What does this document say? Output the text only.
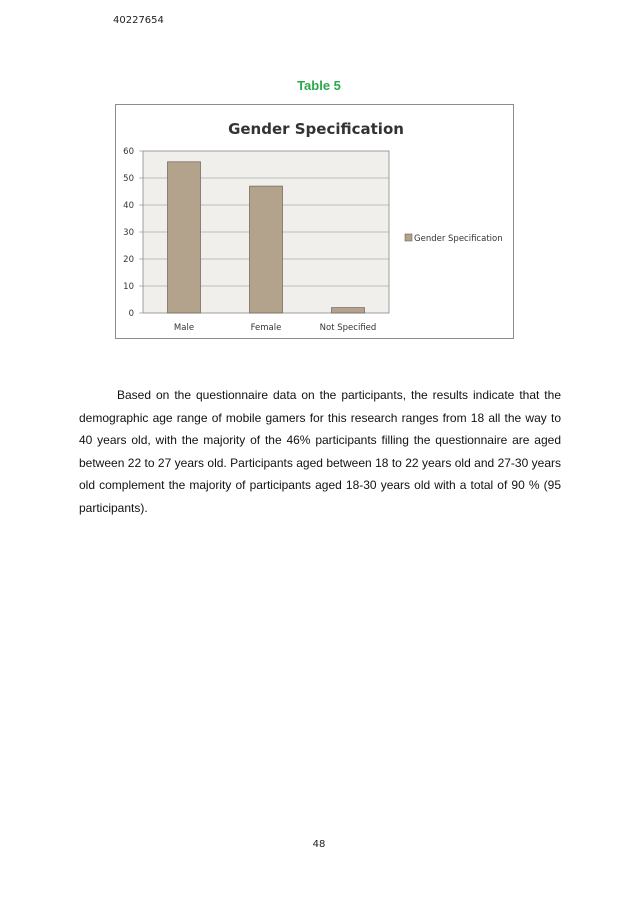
40227654
Table 5
Gender Specification
0
10
20
30
40
50
60
Male	Female	Not Specified
Gender Specification

Based on the questionnaire data on the participants, the results indicate that the demographic age range of mobile gamers for this research ranges from 18 all the way to 40 years old, with the majority of the 46% participants filling the questionnaire are aged between 22 to 27 years old. Participants aged between 18 to 22 years old and 27-30 years old complement the majority of participants aged 18-30 years old with a total of 90 % (95 participants).

48
